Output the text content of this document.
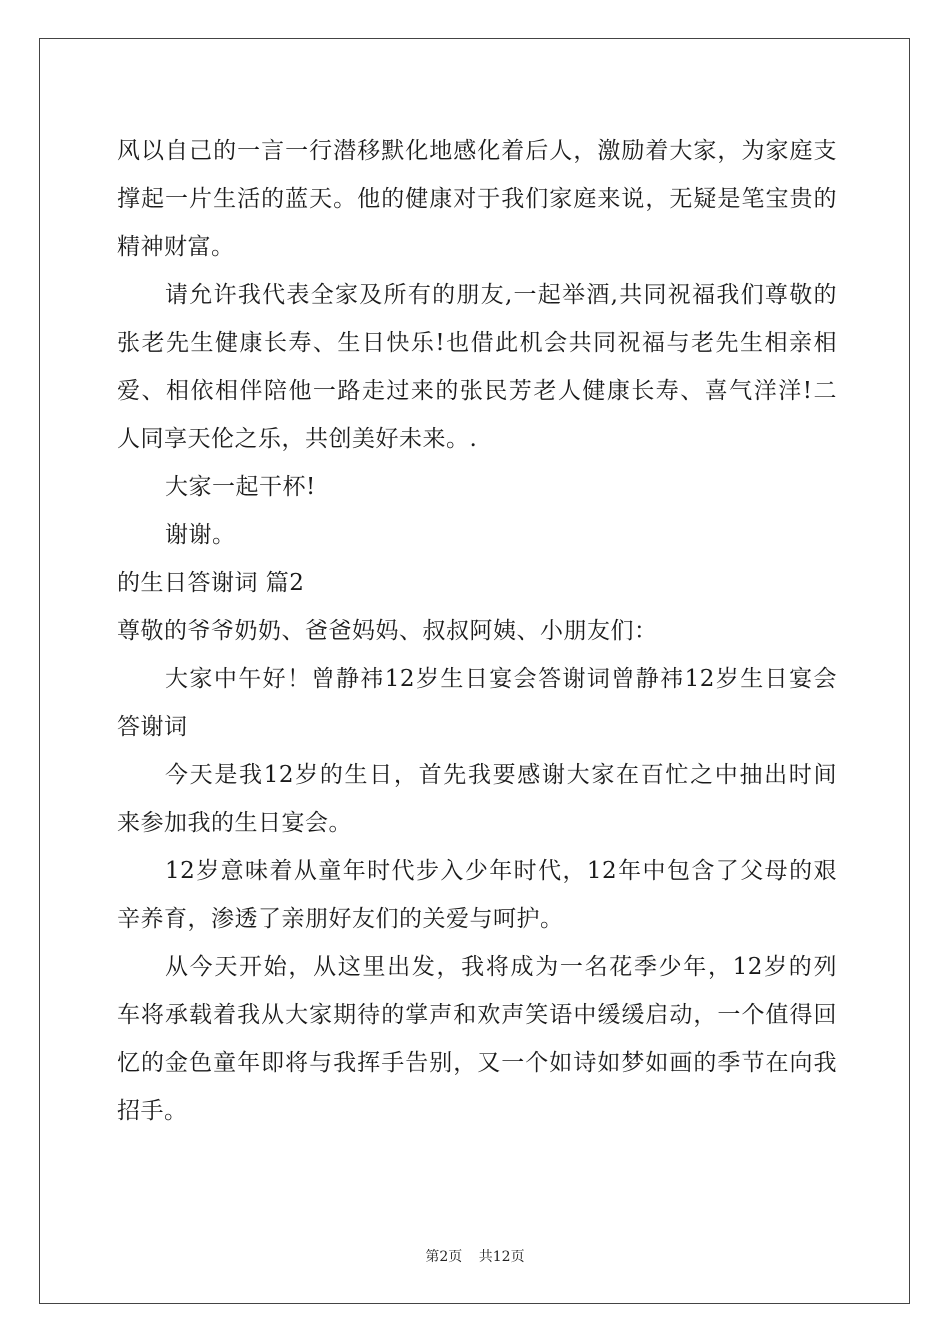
风以自己的一言一行潜移默化地感化着后人，激励着大家，为家庭支
撑起一片生活的蓝天。他的健康对于我们家庭来说，无疑是笔宝贵的
精神财富。
请允许我代表全家及所有的朋友,一起举酒,共同祝福我们尊敬的
张老先生健康长寿、生日快乐!也借此机会共同祝福与老先生相亲相
爱、相依相伴陪他一路走过来的张民芳老人健康长寿、喜气洋洋!二
人同享天伦之乐，共创美好未来。.
大家一起干杯!
谢谢。
的生日答谢词 篇2
尊敬的爷爷奶奶、爸爸妈妈、叔叔阿姨、小朋友们：
大家中午好！曾静祎12岁生日宴会答谢词曾静祎12岁生日宴会
答谢词
今天是我12岁的生日，首先我要感谢大家在百忙之中抽出时间
来参加我的生日宴会。
12岁意味着从童年时代步入少年时代，12年中包含了父母的艰
辛养育，渗透了亲朋好友们的关爱与呵护。
从今天开始，从这里出发，我将成为一名花季少年，12岁的列
车将承载着我从大家期待的掌声和欢声笑语中缓缓启动，一个值得回
忆的金色童年即将与我挥手告别，又一个如诗如梦如画的季节在向我
招手。
第2页 共12页
